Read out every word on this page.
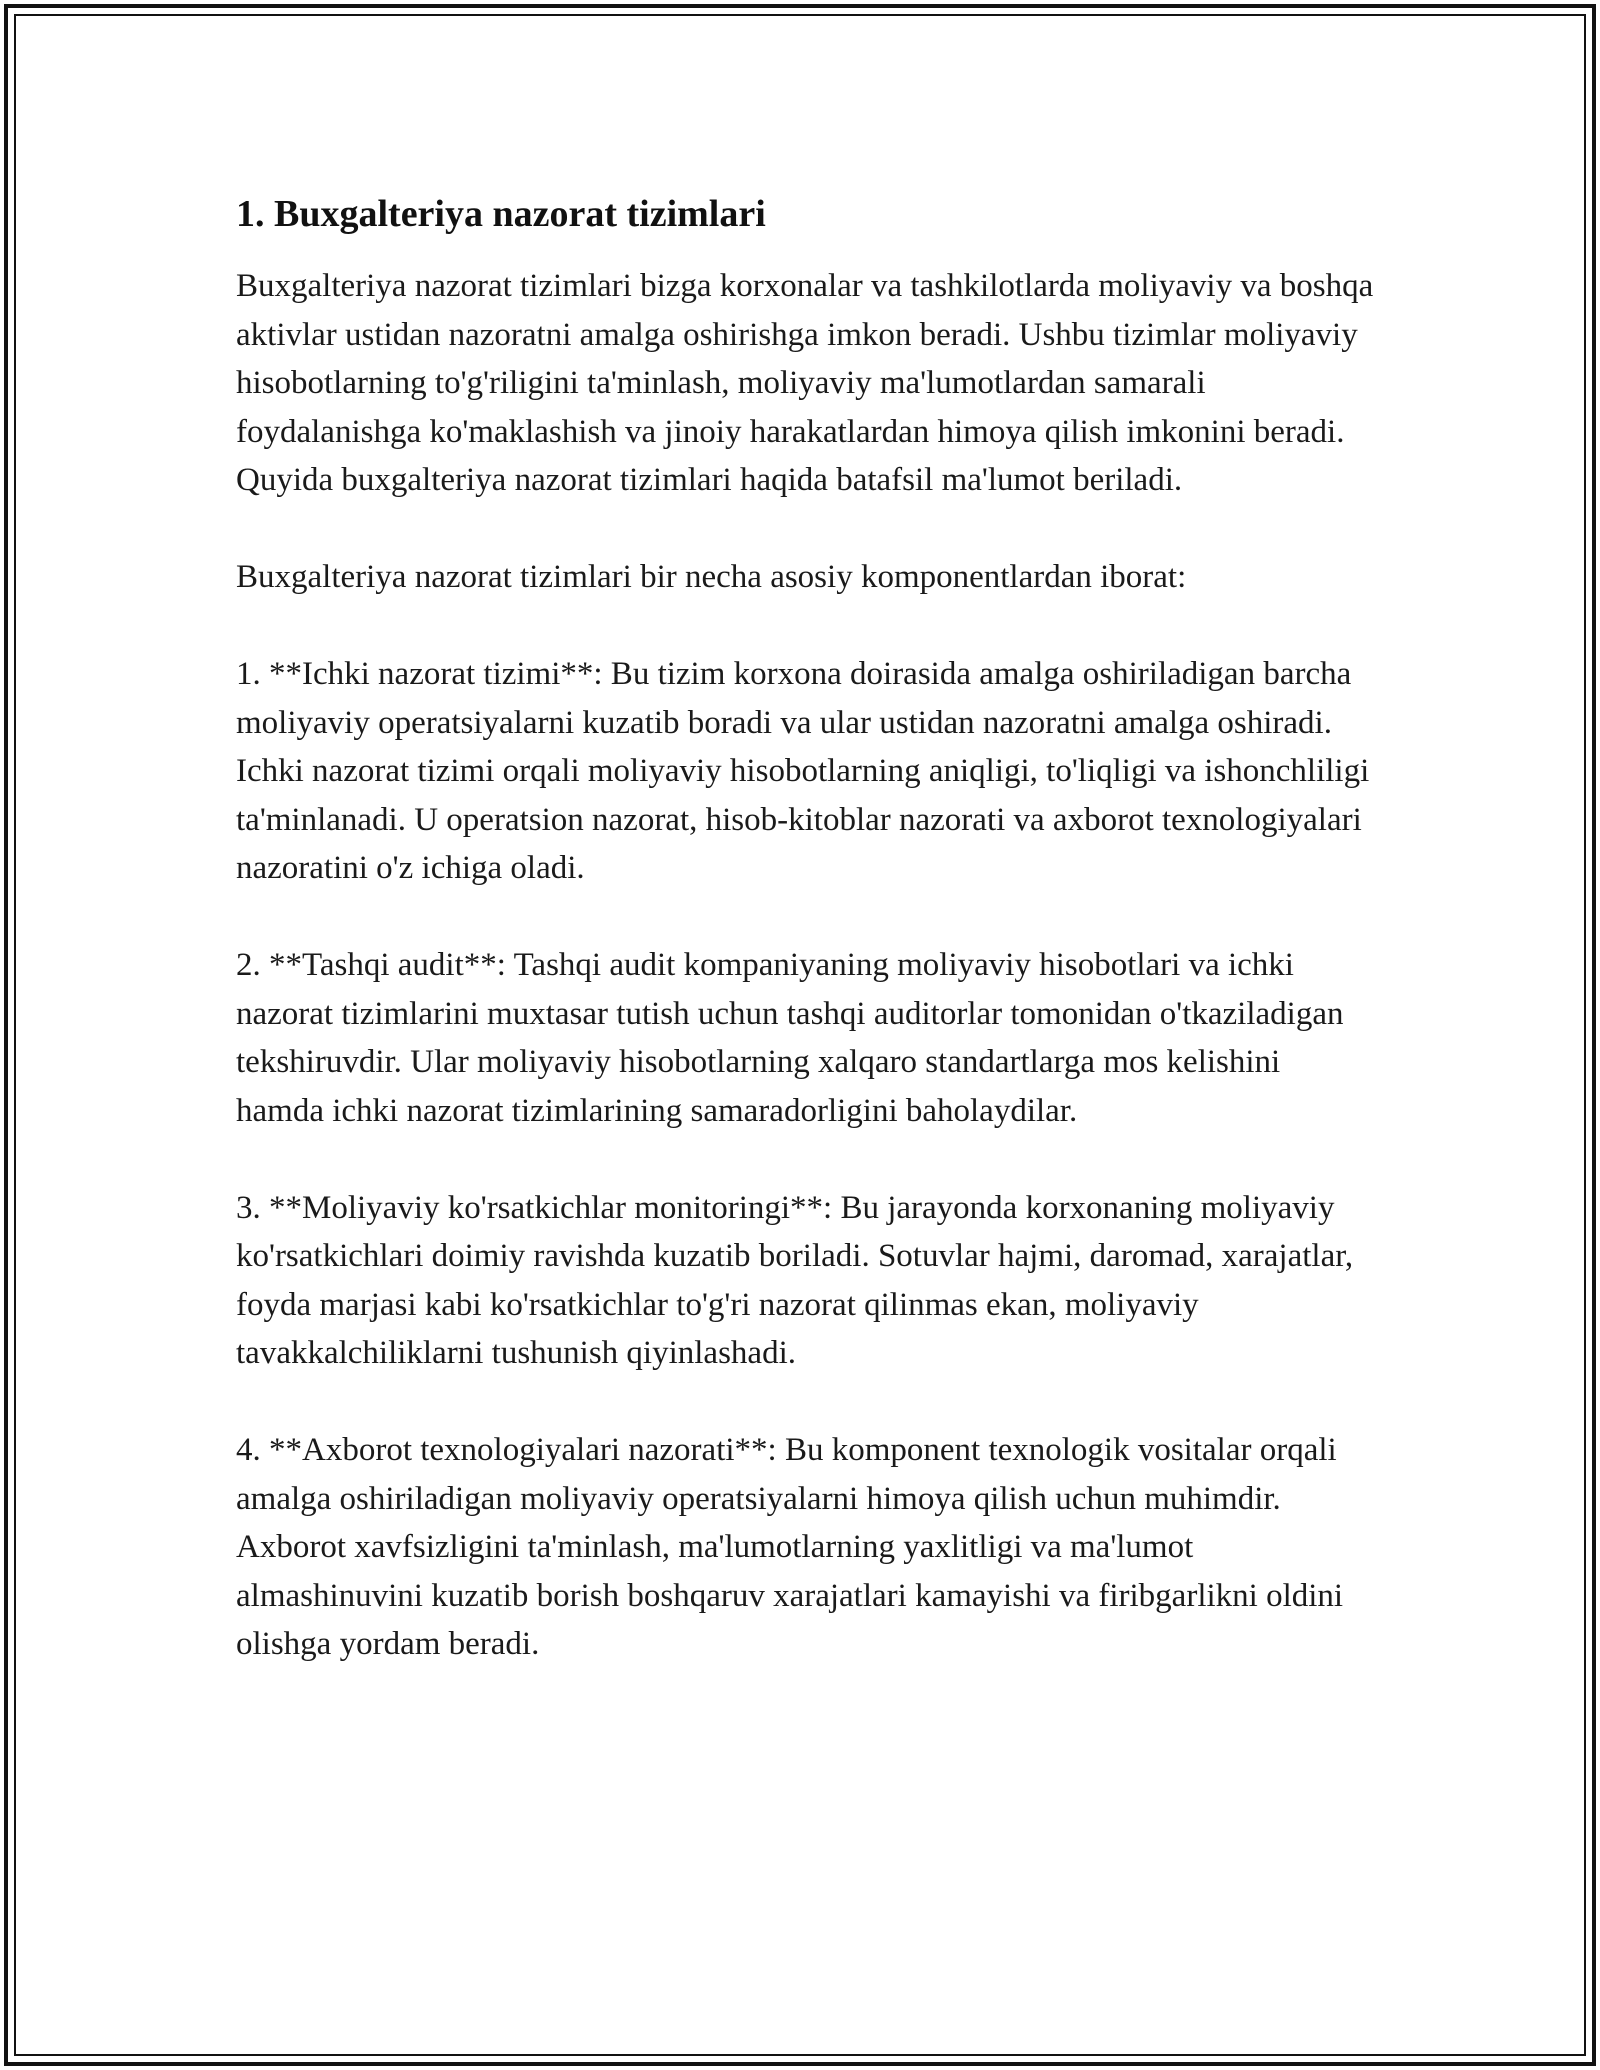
1. Buxgalteriya nazorat tizimlari

Buxgalteriya nazorat tizimlari bizga korxonalar va tashkilotlarda moliyaviy va boshqa aktivlar ustidan nazoratni amalga oshirishga imkon beradi. Ushbu tizimlar moliyaviy hisobotlarning to'g'riligini ta'minlash, moliyaviy ma'lumotlardan samarali foydalanishga ko'maklashish va jinoiy harakatlardan himoya qilish imkonini beradi. Quyida buxgalteriya nazorat tizimlari haqida batafsil ma'lumot beriladi.

Buxgalteriya nazorat tizimlari bir necha asosiy komponentlardan iborat:

1. **Ichki nazorat tizimi**: Bu tizim korxona doirasida amalga oshiriladigan barcha moliyaviy operatsiyalarni kuzatib boradi va ular ustidan nazoratni amalga oshiradi. Ichki nazorat tizimi orqali moliyaviy hisobotlarning aniqligi, to'liqligi va ishonchliligi ta'minlanadi. U operatsion nazorat, hisob-kitoblar nazorati va axborot texnologiyalari nazoratini o'z ichiga oladi.

2. **Tashqi audit**: Tashqi audit kompaniyaning moliyaviy hisobotlari va ichki nazorat tizimlarini muxtasar tutish uchun tashqi auditorlar tomonidan o'tkaziladigan tekshiruvdir. Ular moliyaviy hisobotlarning xalqaro standartlarga mos kelishini hamda ichki nazorat tizimlarining samaradorligini baholaydilar.

3. **Moliyaviy ko'rsatkichlar monitoringi**: Bu jarayonda korxonaning moliyaviy ko'rsatkichlari doimiy ravishda kuzatib boriladi. Sotuvlar hajmi, daromad, xarajatlar, foyda marjasi kabi ko'rsatkichlar to'g'ri nazorat qilinmas ekan, moliyaviy tavakkalchiliklarni tushunish qiyinlashadi.

4. **Axborot texnologiyalari nazorati**: Bu komponent texnologik vositalar orqali amalga oshiriladigan moliyaviy operatsiyalarni himoya qilish uchun muhimdir. Axborot xavfsizligini ta'minlash, ma'lumotlarning yaxlitligi va ma'lumot almashinuvini kuzatib borish boshqaruv xarajatlari kamayishi va firibgarlikni oldini olishga yordam beradi.
